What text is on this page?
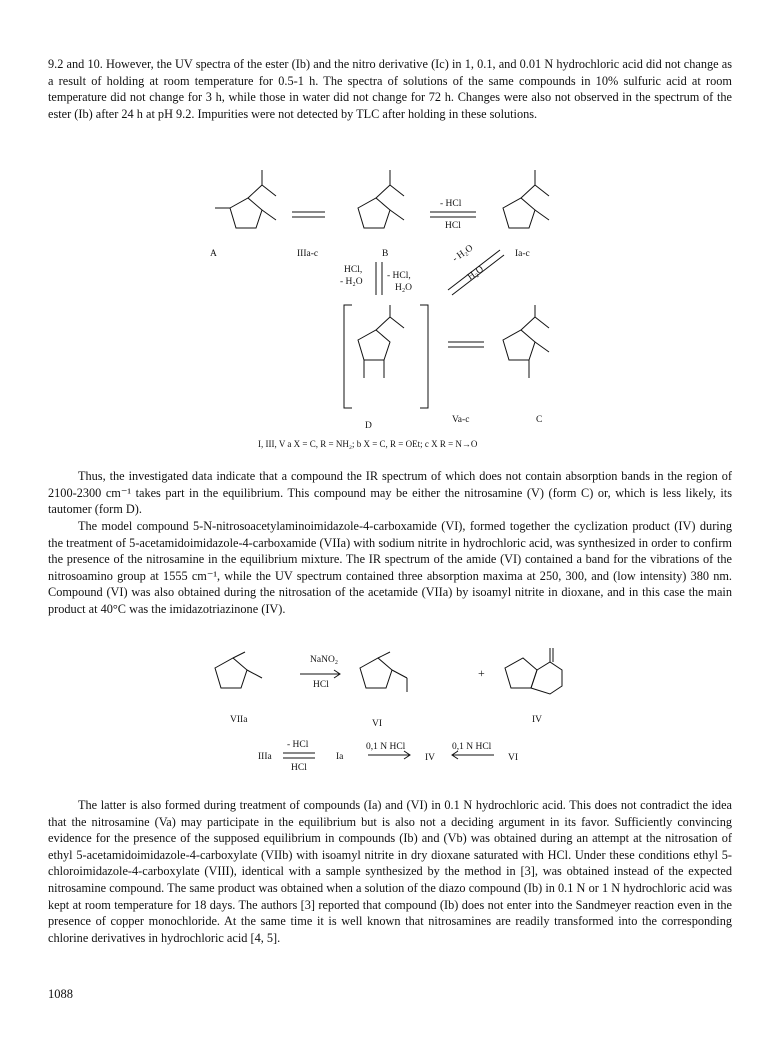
9.2 and 10. However, the UV spectra of the ester (Ib) and the nitro derivative (Ic) in 1, 0.1, and 0.01 N hydrochloric acid did not change as a result of holding at room temperature for 0.5-1 h. The spectra of solutions of the same compounds in 10% sulfuric acid at room temperature did not change for 3 h, while those in water did not change for 72 h. Changes were also not observed in the spectrum of the ester (Ib) after 24 h at pH 9.2. Impurities were not detected by TLC after holding in these solutions.

A	IIIa-c	B	Ia-c
- HCl
HCl
HCl,
- H₂O
- HCl,
H₂O
- H₂O
H₂O
D
Va-c	C
I, III, V a X = C, R = NH₂; b X = C, R = OEt; c X R = N→O

Thus, the investigated data indicate that a compound the IR spectrum of which does not contain absorption bands in the region of 2100-2300 cm⁻¹ takes part in the equilibrium. This compound may be either the nitrosamine (V) (form C) or, which is less likely, its tautomer (form D).

The model compound 5-N-nitrosoacetylaminoimidazole-4-carboxamide (VI), formed together the cyclization product (IV) during the treatment of 5-acetamidoimidazole-4-carboxamide (VIIa) with sodium nitrite in hydrochloric acid, was synthesized in order to confirm the presence of the nitrosamine in the equilibrium mixture. The IR spectrum of the amide (VI) contained a band for the vibrations of the nitrosoamino group at 1555 cm⁻¹, while the UV spectrum contained three absorption maxima at 250, 300, and (low intensity) 380 nm. Compound (VI) was also obtained during the nitrosation of the acetamide (VIIa) by isoamyl nitrite in dioxane, and in this case the main product at 40°C was the imidazotriazinone (IV).

NaNO₂
HCl
+
VIIa	VI	IV
IIIa
- HCl
HCl
Ia
0,1 N HCl
IV
0,1 N HCl
VI

The latter is also formed during treatment of compounds (Ia) and (VI) in 0.1 N hydrochloric acid. This does not contradict the idea that the nitrosamine (Va) may participate in the equilibrium but is also not a deciding argument in its favor. Sufficiently convincing evidence for the presence of the supposed equilibrium in compounds (Ib) and (Vb) was obtained during an attempt at the nitrosation of ethyl 5-acetamidoimidazole-4-carboxylate (VIIb) with isoamyl nitrite in dry dioxane saturated with HCl. Under these conditions ethyl 5-chloroimidazole-4-carboxylate (VIII), identical with a sample synthesized by the method in [3], was obtained instead of the expected nitrosamine compound. The same product was obtained when a solution of the diazo compound (Ib) in 0.1 N or 1 N hydrochloric acid was kept at room temperature for 18 days. The authors [3] reported that compound (Ib) does not enter into the Sandmeyer reaction even in the presence of copper monochloride. At the same time it is well known that nitrosamines are readily transformed into the corresponding chlorine derivatives in hydrochloric acid [4, 5].

1088
